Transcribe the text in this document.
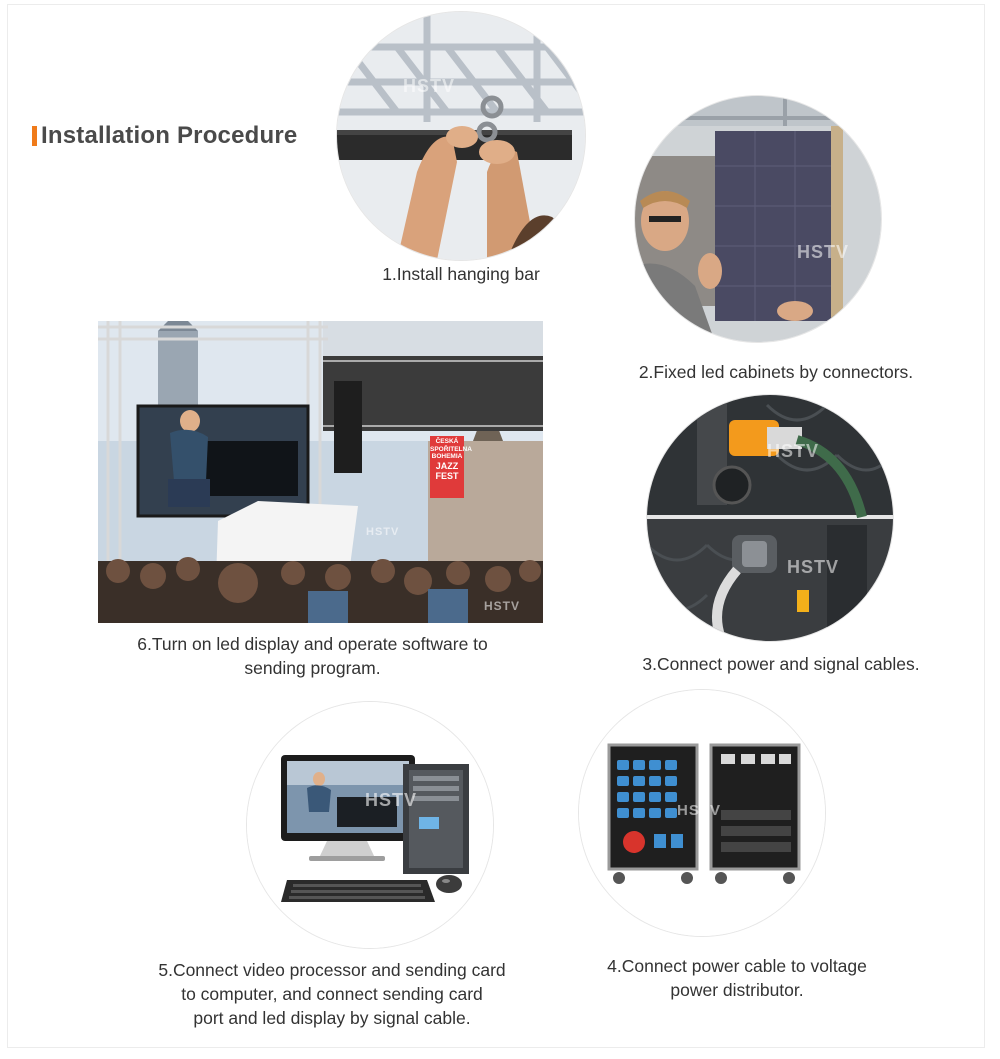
Installation Procedure
HSTV
1.Install hanging bar
HSTV
2.Fixed led cabinets by connectors.
ČESKÁ
SPOŘITELNA
BOHEMIA
JAZZ
FEST
HSTV
HSTV
6.Turn on led display and operate software to
sending program.
HSTV
HSTV
3.Connect power and signal cables.
HSTV
5.Connect video processor and sending card
to computer, and connect sending card
port and led display by signal cable.
HSTV
4.Connect power cable to voltage
power distributor.
